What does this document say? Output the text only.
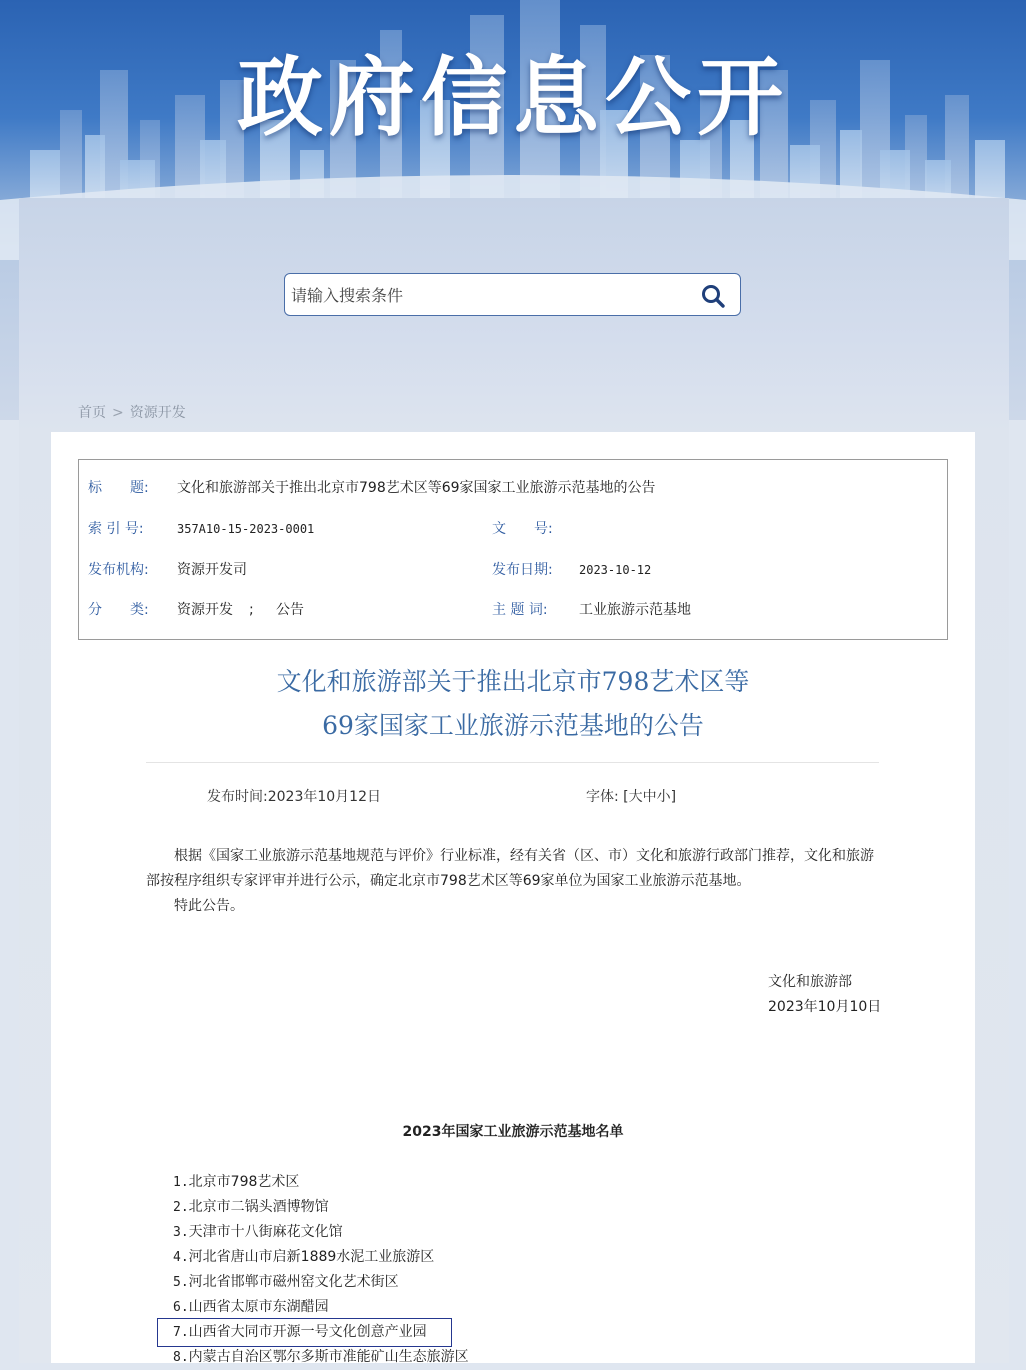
政府信息公开
请输入搜索条件
首页 > 资源开发
标　　题: 文化和旅游部关于推出北京市798艺术区等69家国家工业旅游示范基地的公告
索 引 号:	357A10-15-2023-0001	文　　号:
发布机构: 资源开发司	发布日期: 2023-10-12
分　　类: 资源开发 ; 公告	主 题 词: 工业旅游示范基地
文化和旅游部关于推出北京市798艺术区等
69家国家工业旅游示范基地的公告
发布时间:2023年10月12日	字体: [大中小]

根据《国家工业旅游示范基地规范与评价》行业标准，经有关省（区、市）文化和旅游行政部门推荐，文化和旅游部按程序组织专家评审并进行公示，确定北京市798艺术区等69家单位为国家工业旅游示范基地。

特此公告。

文化和旅游部
2023年10月10日
2023年国家工业旅游示范基地名单
1.北京市798艺术区
2.北京市二锅头酒博物馆
3.天津市十八街麻花文化馆
4.河北省唐山市启新1889水泥工业旅游区
5.河北省邯郸市磁州窑文化艺术街区
6.山西省太原市东湖醋园
7.山西省大同市开源一号文化创意产业园
8.内蒙古自治区鄂尔多斯市准能矿山生态旅游区
